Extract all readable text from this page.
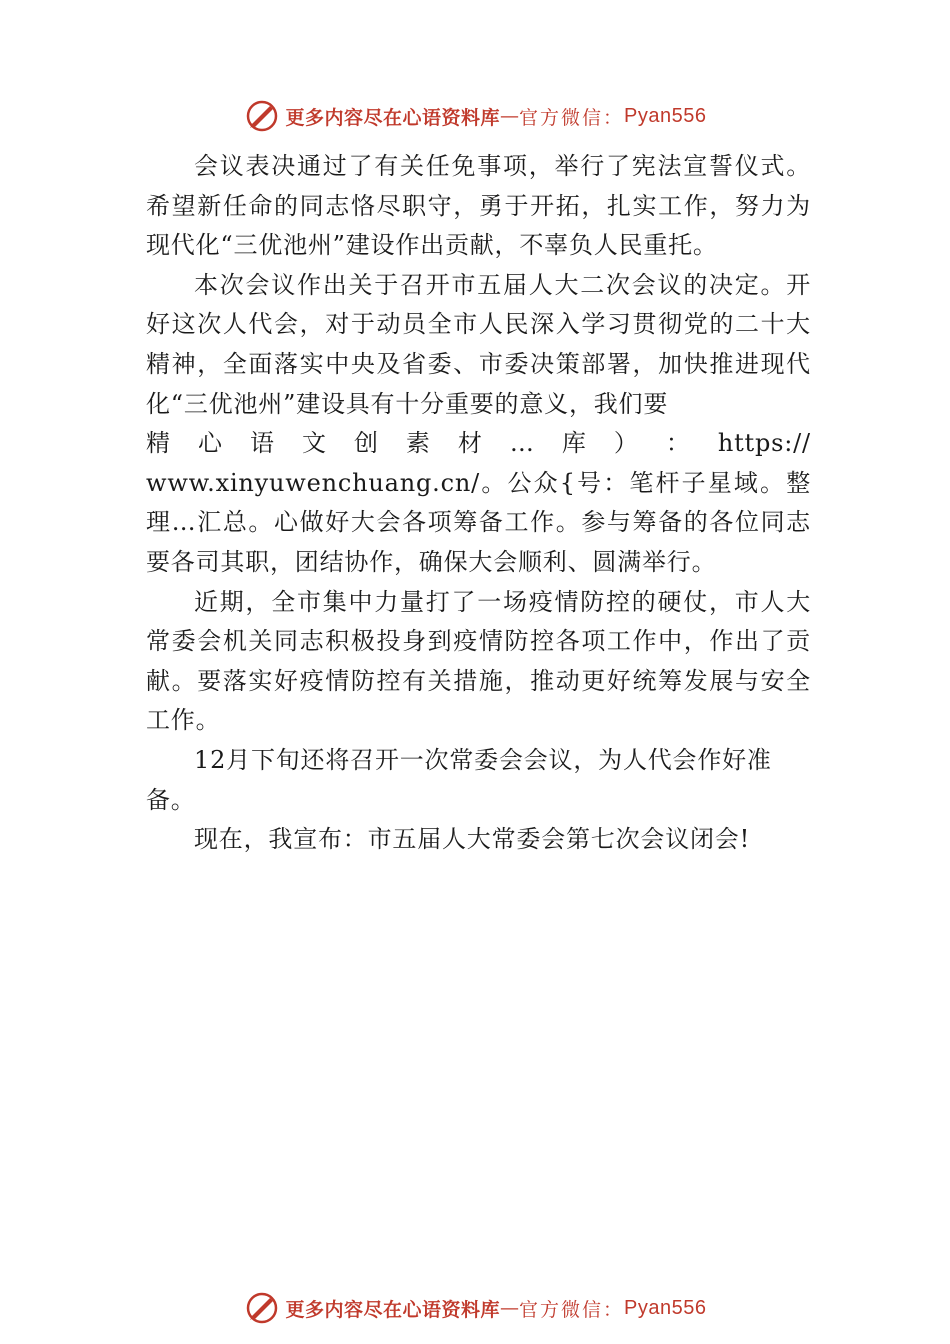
更多内容尽在心语资料库 — 官方微信： Pyan556

会议表决通过了有关任免事项，举行了宪法宣誓仪式。希望新任命的同志恪尽职守，勇于开拓，扎实工作，努力为现代化“三优池州”建设作出贡献，不辜负人民重托。

本次会议作出关于召开市五届人大二次会议的决定。开好这次人代会，对于动员全市人民深入学习贯彻党的二十大精神，全面落实中央及省委、市委决策部署，加快推进现代化“三优池州”建设具有十分重要的意义，我们要

精 心 语 文 创 素 材 … 库 ） ： https://

www.xinyuwenchuang.cn/。公众{号：笔杆子星域。整理…汇总。心做好大会各项筹备工作。参与筹备的各位同志要各司其职，团结协作，确保大会顺利、圆满举行。

近期，全市集中力量打了一场疫情防控的硬仗，市人大常委会机关同志积极投身到疫情防控各项工作中，作出了贡献。要落实好疫情防控有关措施，推动更好统筹发展与安全工作。

12月下旬还将召开一次常委会会议，为人代会作好准备。

现在，我宣布：市五届人大常委会第七次会议闭会!

更多内容尽在心语资料库 — 官方微信： Pyan556
